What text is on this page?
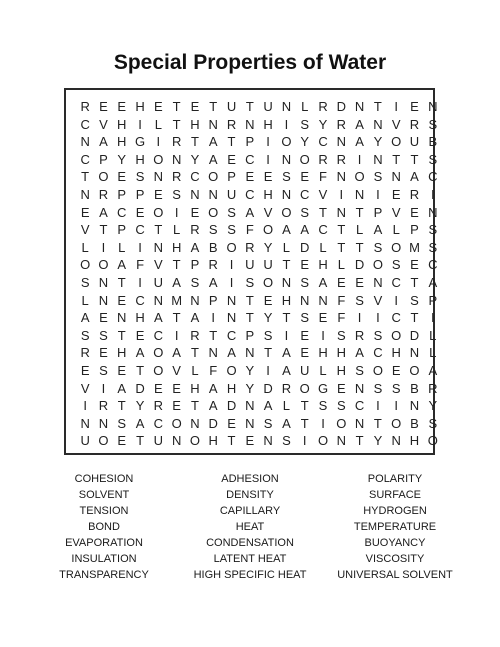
Special Properties of Water
R E E H E T E T U T U N L R D N T I E N
C V H I L T H N R N H I S Y R A N V R S
N A H G I R T A T P I O Y C N A Y O U B
C P Y H O N Y A E C I N O R R I N T T S
T O E S N R C O P E E S E F N O S N A C
N R P P E S N N U C H N C V I N I E R I
E A C E O I E O S A V O S T N T P V E N
V T P C T L R S S F O A A C T L A L P S
L I L I N H A B O R Y L D L T T S O M S
O O A F V T P R I U U T E H L D O S E C
S N T I U A S A I S O N S A E E N C T A
L N E C N M N P N T E H N N F S V I S P
A E N H A T A I N T Y T S E F I	I C T I
S S T E C I R T C P S I E I S R S O D L
R E H A O A T N A N T A E H H A C H N L
E S E T O V L F O Y I A U L H S O E O A
V I A D E E H A H Y D R O G E N S S B R
I R T Y R E T A D N A L T S S C I	I N Y
N N S A C O N D E N S A T I O N T O B S
U O E T U N O H T E N S I O N T Y N H O
COHESION
SOLVENT
TENSION
BOND
EVAPORATION
INSULATION
TRANSPARENCY
ADHESION
DENSITY
CAPILLARY
HEAT
CONDENSATION
LATENT HEAT
HIGH SPECIFIC HEAT
POLARITY
SURFACE
HYDROGEN
TEMPERATURE
BUOYANCY
VISCOSITY
UNIVERSAL SOLVENT
